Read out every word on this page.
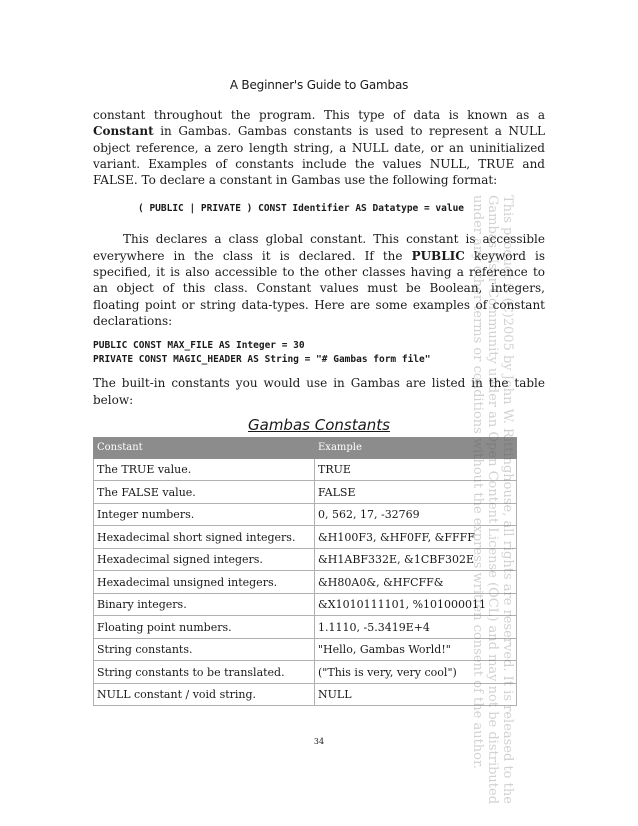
A Beginner's Guide to Gambas

constant throughout the program. This type of data is known as a Constant in Gambas. Gambas constants is used to represent a NULL object reference, a zero length string, a NULL date, or an uninitialized variant. Examples of constants include the values NULL, TRUE and FALSE. To declare a constant in Gambas use the following format:

( PUBLIC | PRIVATE ) CONST Identifier AS Datatype = value

This declares a class global constant. This constant is accessible everywhere in the class it is declared. If the PUBLIC keyword is specified, it is also accessible to the other classes having a reference to an object of this class. Constant values must be Boolean, integers, floating point or string data-types. Here are some examples of constant declarations:

PUBLIC CONST MAX_FILE AS Integer = 30
PRIVATE CONST MAGIC_HEADER AS String = "# Gambas form file"

The built-in constants you would use in Gambas are listed in the table below:

Gambas Constants
Constant	Example
The TRUE value.	TRUE
The FALSE value.	FALSE
Integer numbers.	0, 562, 17, -32769
Hexadecimal short signed integers.	&H100F3, &HF0FF, &FFFF
Hexadecimal signed integers.	&H1ABF332E, &1CBF302E
Hexadecimal unsigned integers.	&H80A0&, &HFCFF&
Binary integers.	&X1010111101, %101000011
Floating point numbers.	1.1110, -5.3419E+4
String constants.	"Hello, Gambas World!"
String constants to be translated.	("This is very, very cool")
NULL constant / void string.	NULL	This product is (C)2005 by John W. Rittinghouse, all rights are reserved. It is released to the
Gambas User Community under an Open Content License (OCL) and may not be distributed
under any other terms or conditions without the express written consent of the author.
34
